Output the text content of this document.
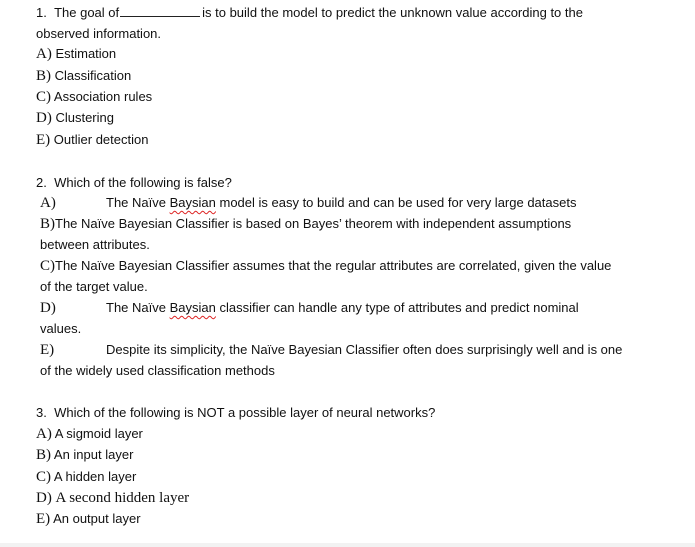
1. The goal of	is to build the model to predict the unknown value according to the
observed information.
A) Estimation
B) Classification
C) Association rules
D) Clustering
E) Outlier detection
2. Which of the following is false?
A)	The Naïve Baysian model is easy to build and can be used for very large datasets
B)The Naïve Bayesian Classifier is based on Bayes’ theorem with independent assumptions
between attributes.
C)The Naïve Bayesian Classifier assumes that the regular attributes are correlated, given the value
of the target value.
D)	The Naïve Baysian classifier can handle any type of attributes and predict nominal
values.
E)	Despite its simplicity, the Naïve Bayesian Classifier often does surprisingly well and is one
of the widely used classification methods
3. Which of the following is NOT a possible layer of neural networks?
A) A sigmoid layer
B) An input layer
C) A hidden layer
D) A second hidden layer
E) An output layer
